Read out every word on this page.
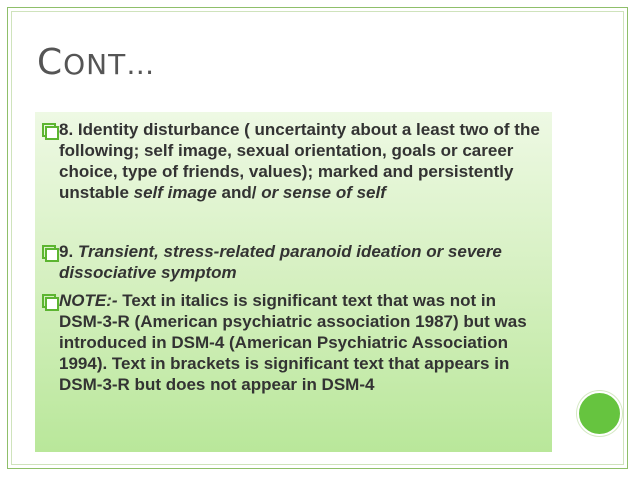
CONT…
8. Identity disturbance ( uncertainty about a least two of the following; self image, sexual orientation, goals or career choice, type of friends, values); marked and persistently unstable self image and/ or sense of self
9. Transient, stress-related paranoid ideation or severe dissociative symptom
NOTE:- Text in italics is significant text that was not in DSM-3-R (American psychiatric association 1987) but was introduced in DSM-4 (American Psychiatric Association 1994). Text in brackets is significant text that appears in DSM-3-R but does not appear in DSM-4
